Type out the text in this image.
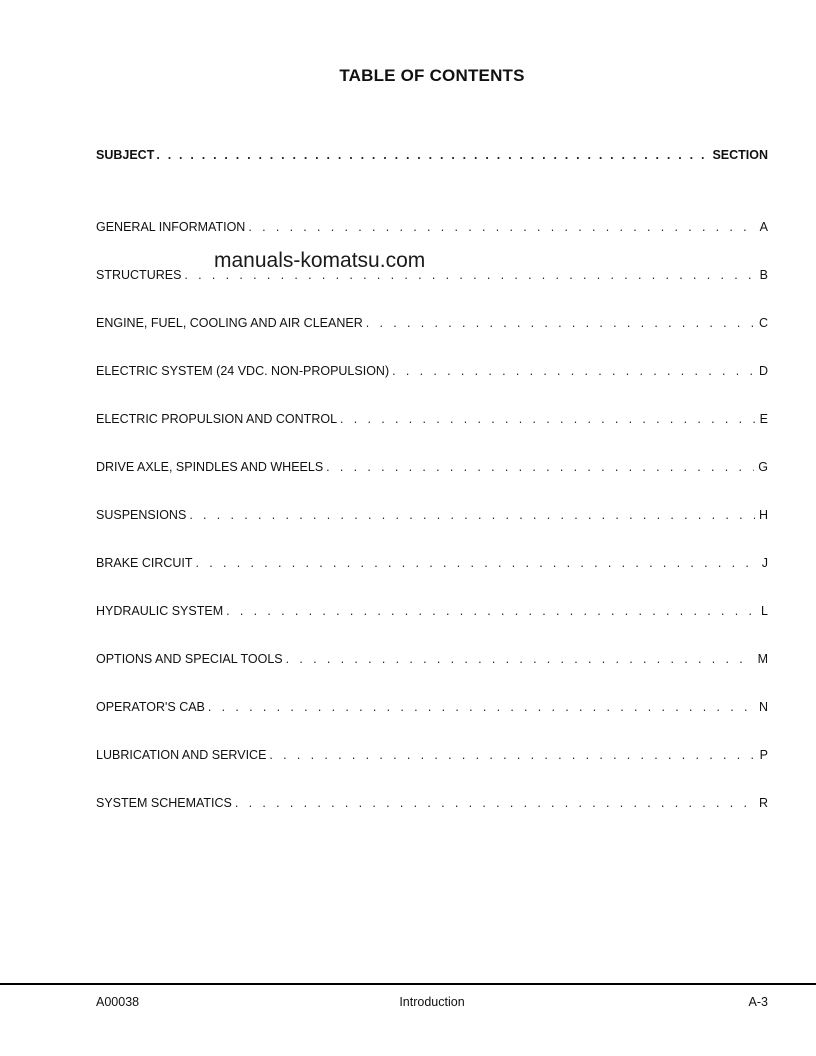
TABLE OF CONTENTS
SUBJECT . . .	SECTION
GENERAL INFORMATION . . .	A
STRUCTURES . . .	B
ENGINE, FUEL, COOLING AND AIR CLEANER . . .	C
ELECTRIC SYSTEM (24 VDC. NON-PROPULSION) . . .	D
ELECTRIC PROPULSION AND CONTROL . . .	E
DRIVE AXLE, SPINDLES AND WHEELS . . .	G
SUSPENSIONS . . .	H
BRAKE CIRCUIT . . .	J
HYDRAULIC SYSTEM . . .	L
OPTIONS AND SPECIAL TOOLS . . .	M
OPERATOR'S CAB . . .	N
LUBRICATION AND SERVICE . . .	P
SYSTEM SCHEMATICS . . .	R
manuals-komatsu.com
A00038	Introduction	A-3
